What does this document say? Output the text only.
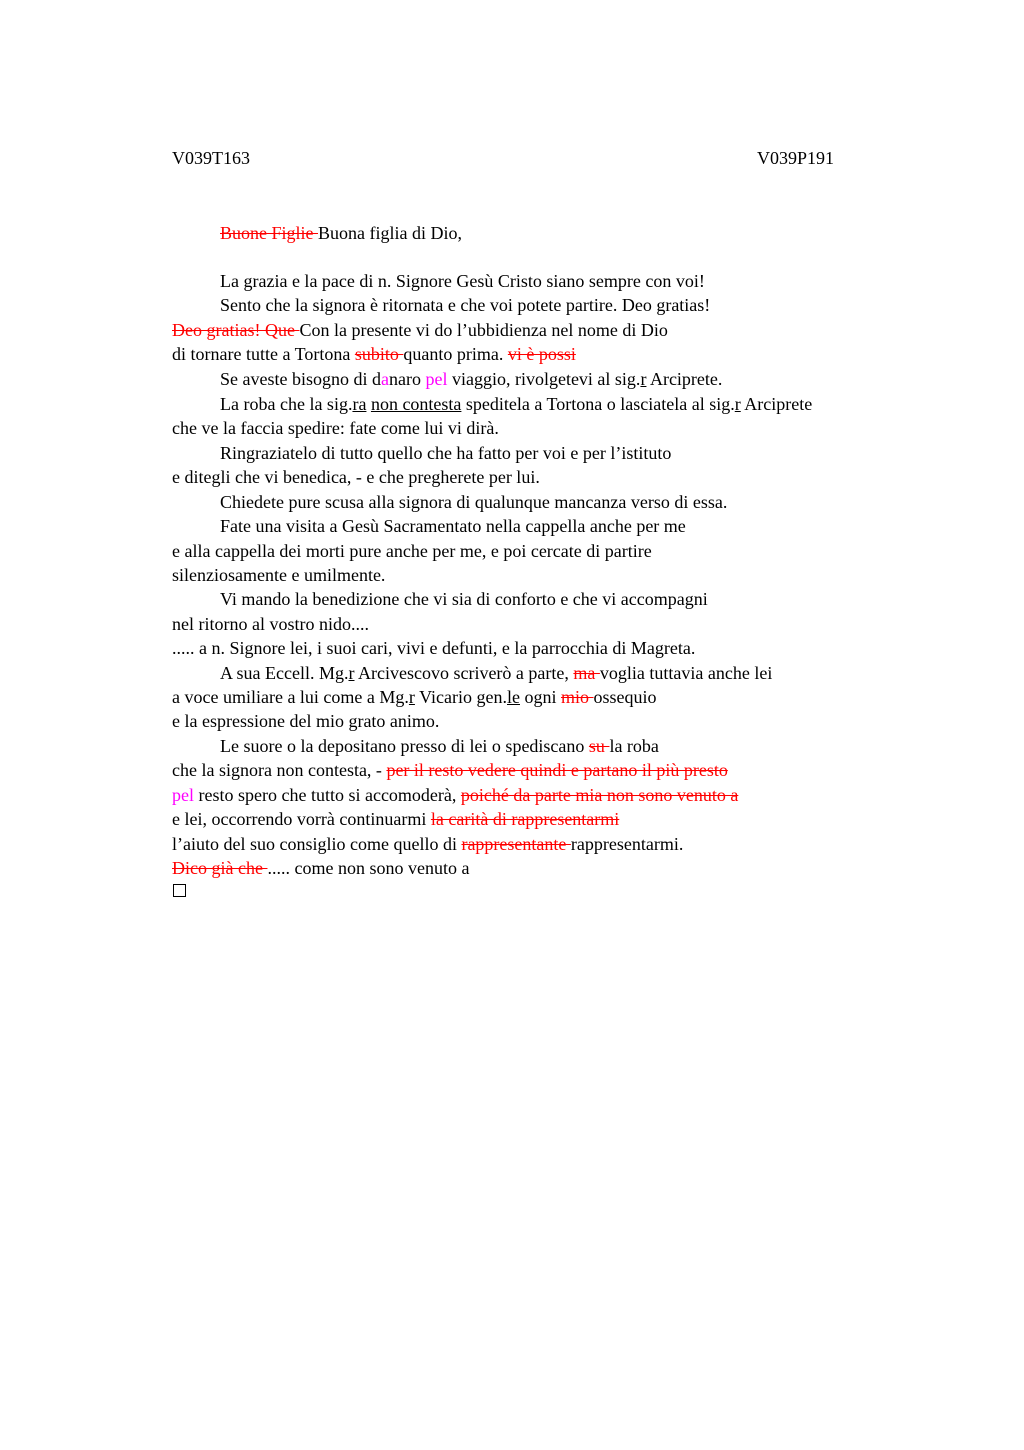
V039T163	V039P191
Buone Figlie Buona figlia di Dio,
La grazia e la pace di n. Signore Gesù Cristo siano sempre con voi!
Sento che la signora è ritornata e che voi potete partire. Deo gratias!
Deo gratias! Que Con la presente vi do l’ubbidienza nel nome di Dio
di tornare tutte a Tortona subito quanto prima. vi è possi
Se aveste bisogno di danaro pel viaggio, rivolgetevi al sig.r Arciprete.
La roba che la sig.ra non contesta speditela a Tortona o lasciatela al sig.r Arciprete
che ve la faccia spedire: fate come lui vi dirà.
Ringraziatelo di tutto quello che ha fatto per voi e per l’istituto
e ditegli che vi benedica, - e che pregherete per lui.
Chiedete pure scusa alla signora di qualunque mancanza verso di essa.
Fate una visita a Gesù Sacramentato nella cappella anche per me
e alla cappella dei morti pure anche per me, e poi cercate di partire
silenziosamente e umilmente.
Vi mando la benedizione che vi sia di conforto e che vi accompagni
nel ritorno al vostro nido....
..... a n. Signore lei, i suoi cari, vivi e defunti, e la parrocchia di Magreta.
A sua Eccell. Mg.r Arcivescovo scriverò a parte, ma voglia tuttavia anche lei
a voce umiliare a lui come a Mg.r Vicario gen.le ogni mio ossequio
e la espressione del mio grato animo.
Le suore o la depositano presso di lei o spediscano su la roba
che la signora non contesta, - per il resto vedere quindi e partano il più presto
pel resto spero che tutto si accomoderà, poiché da parte mia non sono venuto a
e lei, occorrendo vorrà continuarmi la carità di rappresentarmi
l’aiuto del suo consiglio come quello di rappresentante rappresentarmi.
Dico già che ..... come non sono venuto a
